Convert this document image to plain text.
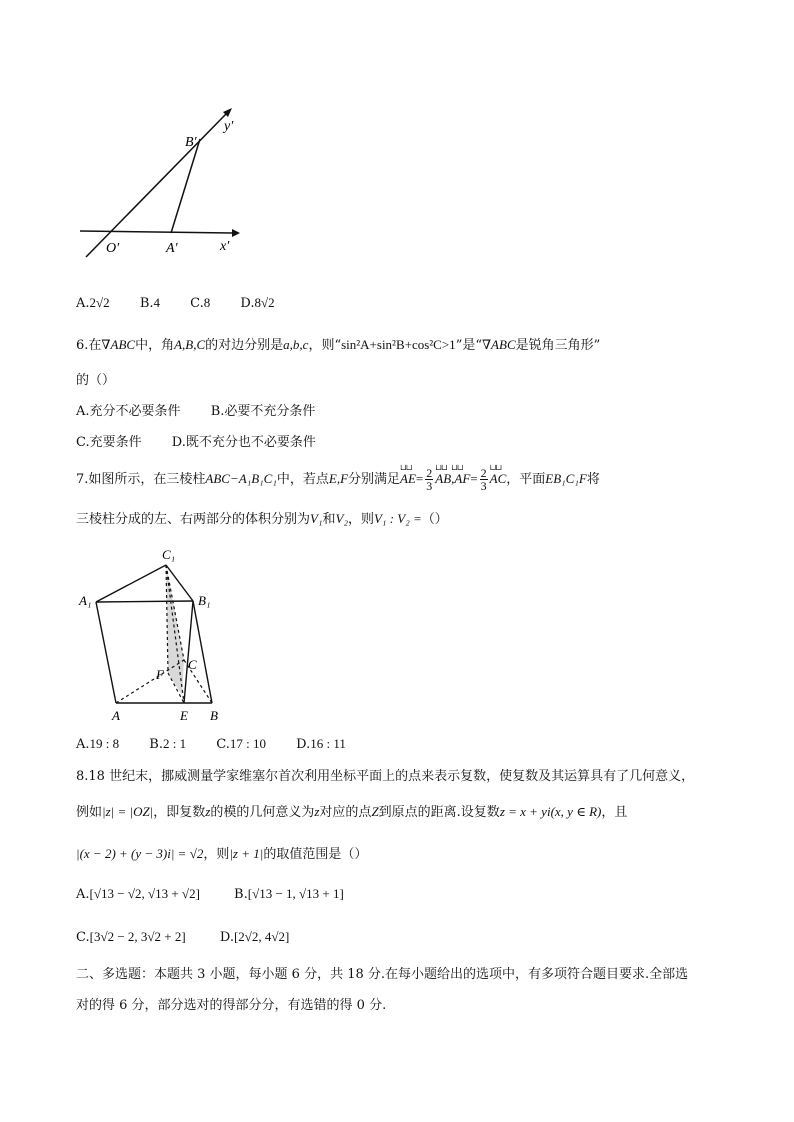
B′
y′
O′	A′	x′
A.2√2 B.4 C.8 D.8√2
6.在∇ABC中，角A,B,C的对边分别是a,b,c，则“sin²A+sin²B+cos²C>1”是“∇ABC是锐角三角形”
的（）
A.充分不必要条件 B.必要不充分条件
C.充要条件 D.既不充分也不必要条件
7.如图所示，在三棱柱ABC−A₁B₁C₁中，若点E,F分别满足⊔⊔ $AE= \frac{2}{3}$ ⊔⊔ AB⊔⊔ $,AF= \frac{2}{3}$ ⊔⊔ AC，平面EB₁C₁F将
三棱柱分成的左、右两部分的体积分别为V₁和V₂，则V₁ : V₂ =（）
C₁
A₁	B₁
F
C
A	E B
A.19 : 8 B.2 : 1 C.17 : 10 D.16 : 11
8.18 世纪末，挪威测量学家维塞尔首次利用坐标平面上的点来表示复数，使复数及其运算具有了几何意义，
例如|z| = |OZ|，即复数z的模的几何意义为z对应的点Z到原点的距离.设复数z = x + yi(x, y ∈ R)，且
|(x − 2) + (y − 3)i| = √2，则|z + 1|的取值范围是（）
A.[√13 − √2, √13 + √2]	B.[√13 − 1, √13 + 1]
C.[3√2 − 2, 3√2 + 2]	D.[2√2, 4√2]
二、多选题：本题共 3 小题，每小题 6 分，共 18 分.在每小题给出的选项中，有多项符合题目要求.全部选
对的得 6 分，部分选对的得部分分，有选错的得 0 分.
